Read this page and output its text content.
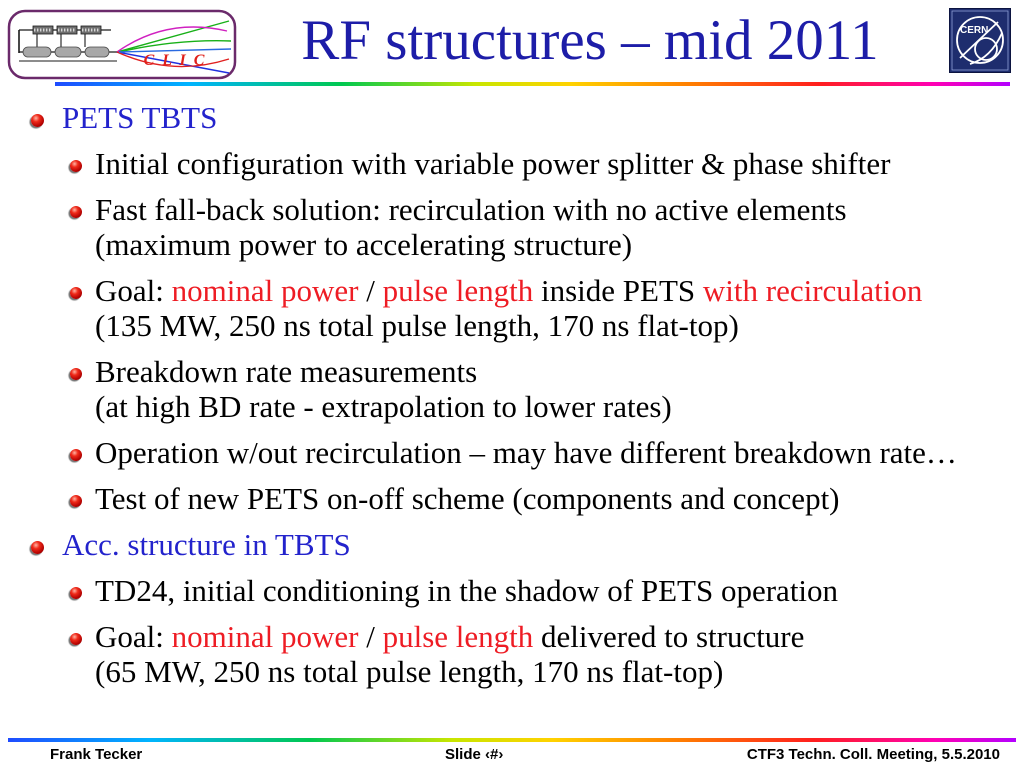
C L I C	RF structures – mid 2011	CERN
PETS TBTS
Initial configuration with variable power splitter & phase shifter
Fast fall-back solution: recirculation with no active elements
(maximum power to accelerating structure)
Goal: nominal power / pulse length inside PETS with recirculation
(135 MW, 250 ns total pulse length, 170 ns flat-top)
Breakdown rate measurements
(at high BD rate - extrapolation to lower rates)
Operation w/out recirculation – may have different breakdown rate…
Test of new PETS on-off scheme (components and concept)
Acc. structure in TBTS
TD24, initial conditioning in the shadow of PETS operation
Goal: nominal power / pulse length delivered to structure
(65 MW, 250 ns total pulse length, 170 ns flat-top)
Frank Tecker	Slide ‹#›	CTF3 Techn. Coll. Meeting, 5.5.2010
